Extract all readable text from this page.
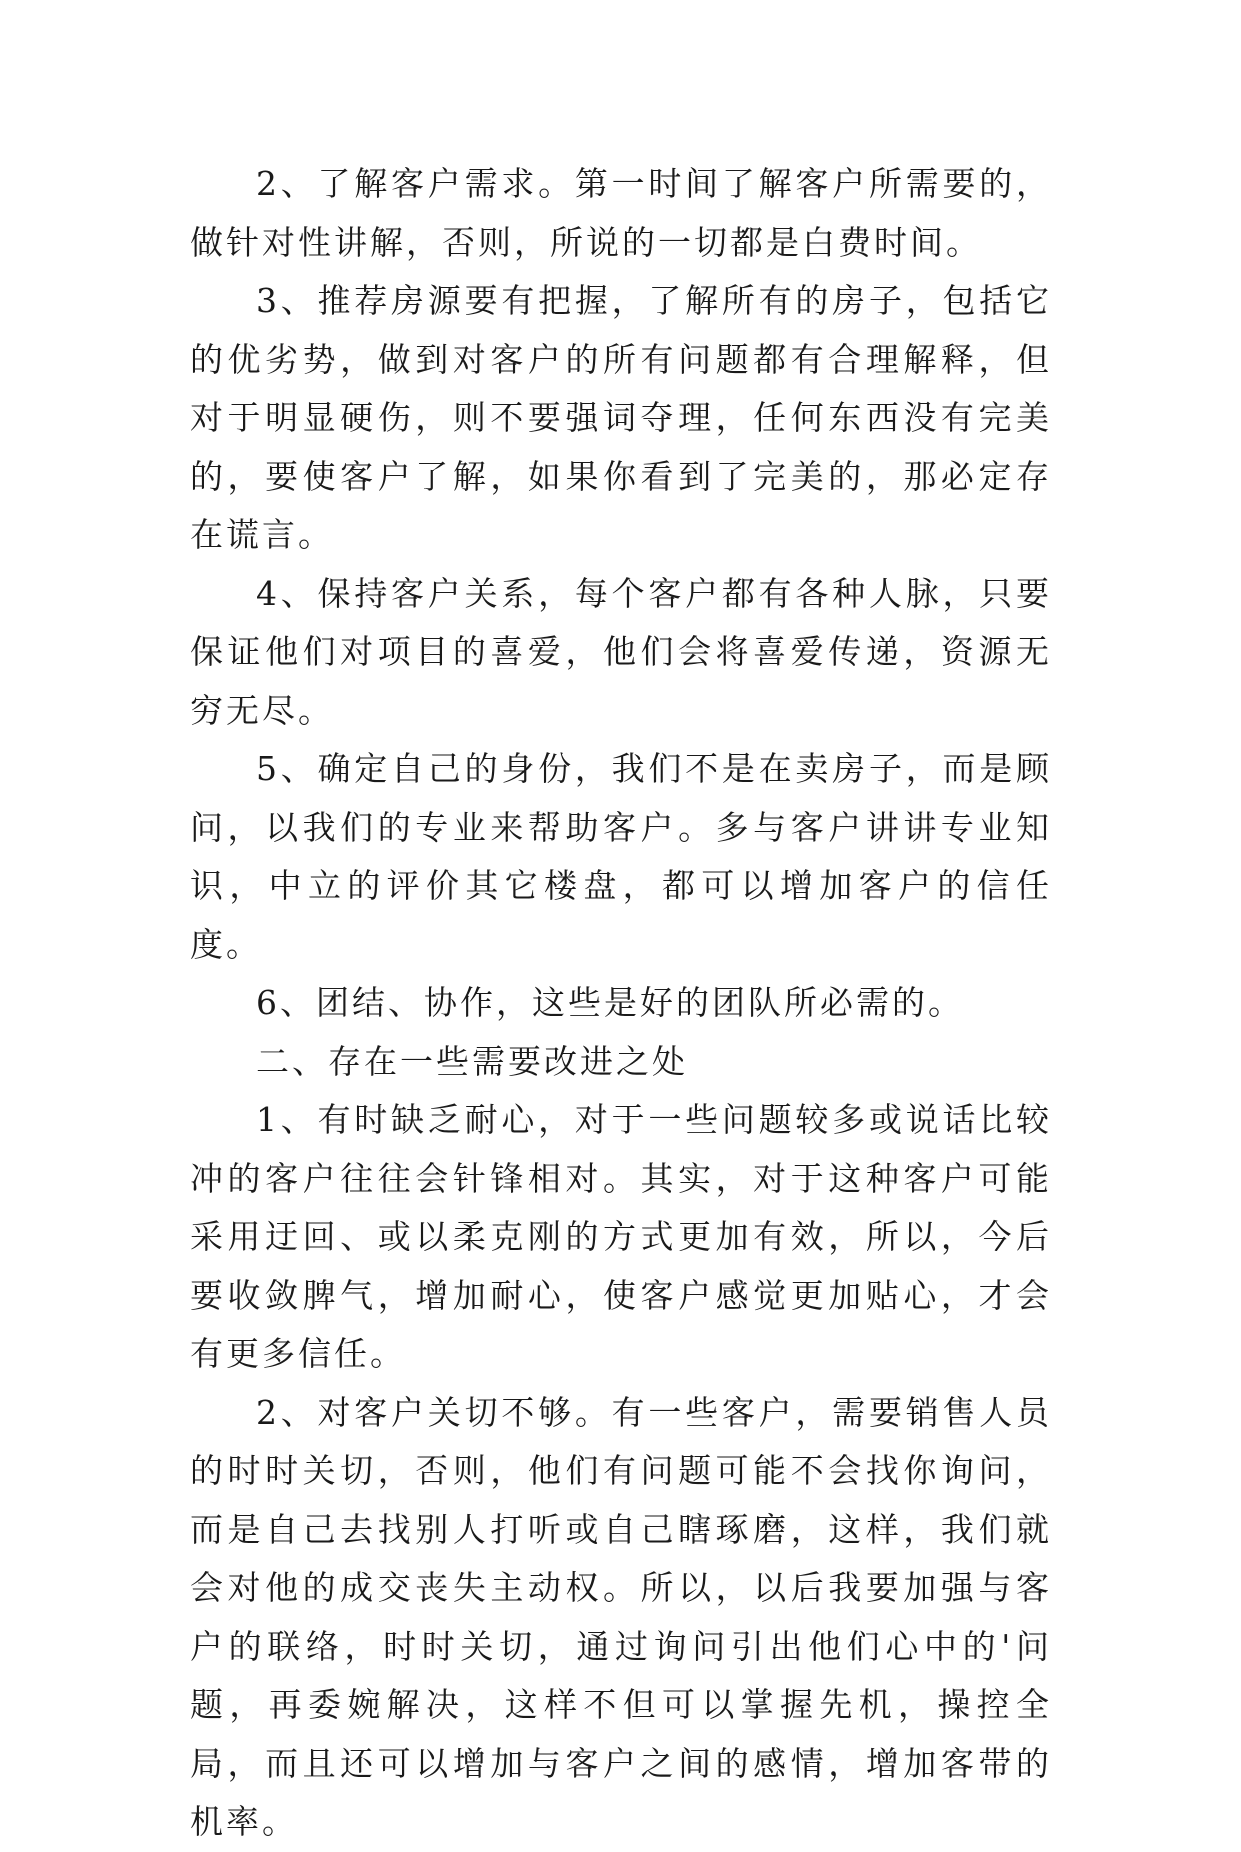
2、了解客户需求。第一时间了解客户所需要的，做针对性讲解，否则，所说的一切都是白费时间。

3、推荐房源要有把握，了解所有的房子，包括它的优劣势，做到对客户的所有问题都有合理解释，但对于明显硬伤，则不要强词夺理，任何东西没有完美的，要使客户了解，如果你看到了完美的，那必定存在谎言。

4、保持客户关系，每个客户都有各种人脉，只要保证他们对项目的喜爱，他们会将喜爱传递，资源无穷无尽。

5、确定自己的身份，我们不是在卖房子，而是顾问，以我们的专业来帮助客户。多与客户讲讲专业知识，中立的评价其它楼盘，都可以增加客户的信任度。

6、团结、协作，这些是好的团队所必需的。

二、存在一些需要改进之处

1、有时缺乏耐心，对于一些问题较多或说话比较冲的客户往往会针锋相对。其实，对于这种客户可能采用迂回、或以柔克刚的方式更加有效，所以，今后要收敛脾气，增加耐心，使客户感觉更加贴心，才会有更多信任。

2、对客户关切不够。有一些客户，需要销售人员的时时关切，否则，他们有问题可能不会找你询问，而是自己去找别人打听或自己瞎琢磨，这样，我们就会对他的成交丧失主动权。所以，以后我要加强与客户的联络，时时关切，通过询问引出他们心中的'问题，再委婉解决，这样不但可以掌握先机，操控全局，而且还可以增加与客户之间的感情，增加客带的机率。
